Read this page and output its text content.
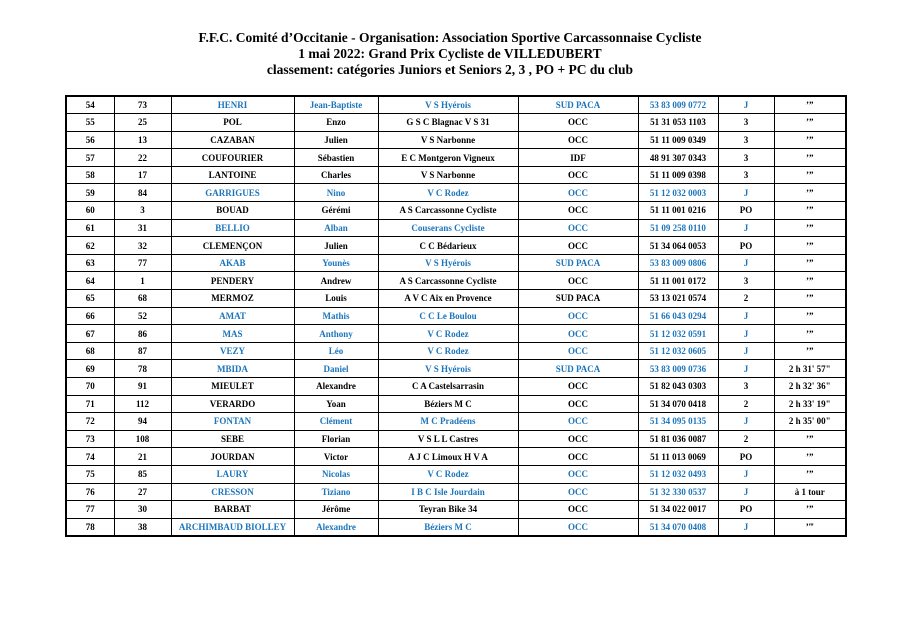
F.F.C. Comité d’Occitanie - Organisation: Association Sportive Carcassonnaise Cycliste
1 mai 2022: Grand Prix Cycliste de VILLEDUBERT
classement: catégories Juniors et Seniors 2, 3 , PO + PC du club
54	73	HENRI	Jean-Baptiste	V S Hyérois	SUD PACA	53 83 009 0772	J	’”
55	25	POL	Enzo	G S C Blagnac V S 31	OCC	51 31 053 1103	3	’”
56	13	CAZABAN	Julien	V S Narbonne	OCC	51 11 009 0349	3	’”
57	22	COUFOURIER	Sébastien	E C Montgeron Vigneux	IDF	48 91 307 0343	3	’”
58	17	LANTOINE	Charles	V S Narbonne	OCC	51 11 009 0398	3	’”
59	84	GARRIGUES	Nino	V C Rodez	OCC	51 12 032 0003	J	’”
60	3	BOUAD	Gérémi	A S Carcassonne Cycliste	OCC	51 11 001 0216	PO	’”
61	31	BELLIO	Alban	Couserans Cycliste	OCC	51 09 258 0110	J	’”
62	32	CLEMENÇON	Julien	C C Bédarieux	OCC	51 34 064 0053	PO	’”
63	77	AKAB	Younès	V S Hyérois	SUD PACA	53 83 009 0806	J	’”
64	1	PENDERY	Andrew	A S Carcassonne Cycliste	OCC	51 11 001 0172	3	’”
65	68	MERMOZ	Louis	A V C Aix en Provence	SUD PACA	53 13 021 0574	2	’”
66	52	AMAT	Mathis	C C Le Boulou	OCC	51 66 043 0294	J	’”
67	86	MAS	Anthony	V C Rodez	OCC	51 12 032 0591	J	’”
68	87	VEZY	Léo	V C Rodez	OCC	51 12 032 0605	J	’”
69	78	MBIDA	Daniel	V S Hyérois	SUD PACA	53 83 009 0736	J	2 h 31' 57"
70	91	MIEULET	Alexandre	C A Castelsarrasin	OCC	51 82 043 0303	3	2 h 32' 36"
71	112	VERARDO	Yoan	Béziers M C	OCC	51 34 070 0418	2	2 h 33' 19"
72	94	FONTAN	Clément	M C Pradéens	OCC	51 34 095 0135	J	2 h 35' 00"
73	108	SEBE	Florian	V S L L Castres	OCC	51 81 036 0087	2	’”
74	21	JOURDAN	Victor	A J C Limoux H V A	OCC	51 11 013 0069	PO	’”
75	85	LAURY	Nicolas	V C Rodez	OCC	51 12 032 0493	J	’”
76	27	CRESSON	Tiziano	I B C Isle Jourdain	OCC	51 32 330 0537	J	à 1 tour
77	30	BARBAT	Jérôme	Teyran Bike 34	OCC	51 34 022 0017	PO	’”
78	38	ARCHIMBAUD BIOLLEY	Alexandre	Béziers M C	OCC	51 34 070 0408	J	’‴
